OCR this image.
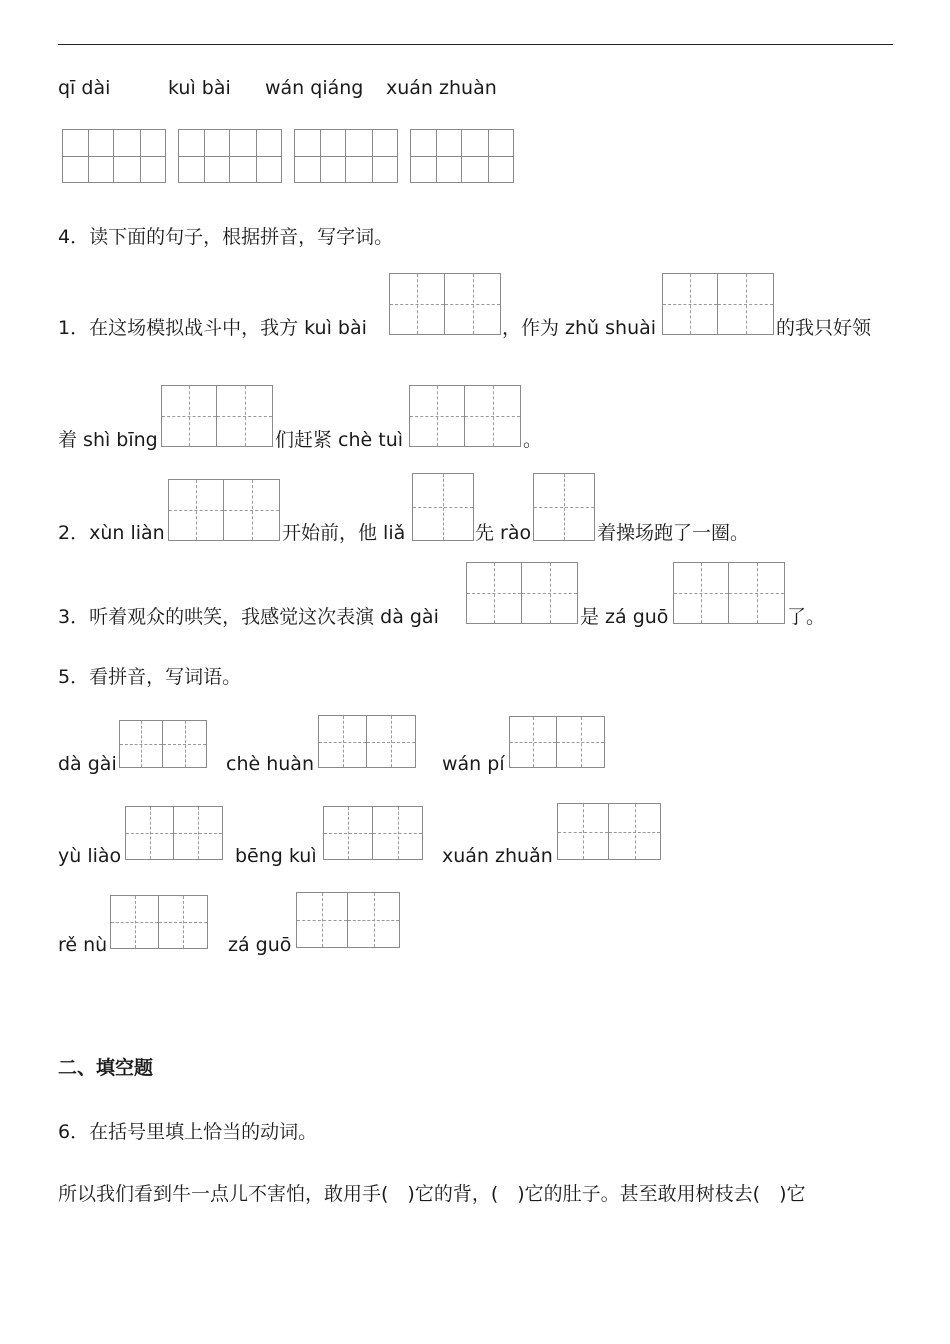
qī dài	kuì bài wán qiáng xuán zhuàn
4．读下面的句子，根据拼音，写字词。
1．在这场模拟战斗中，我方 kuì bài	，作为 zhǔ shuài	的我只好领
着 shì bīng	们赶紧 chè tuì	。
2．xùn liàn	开始前，他 liǎ	先 rào	着操场跑了一圈。
3．听着观众的哄笑，我感觉这次表演 dà gài	是 zá guō	了。
5．看拼音，写词语。
dà gài	chè huàn	wán pí
yù liào	bēng kuì	xuán zhuǎn
rě nù	zá guō
二、填空题
6．在括号里填上恰当的动词。
所以我们看到牛一点儿不害怕，敢用手(　)它的背，(　)它的肚子。甚至敢用树枝去(　)它
